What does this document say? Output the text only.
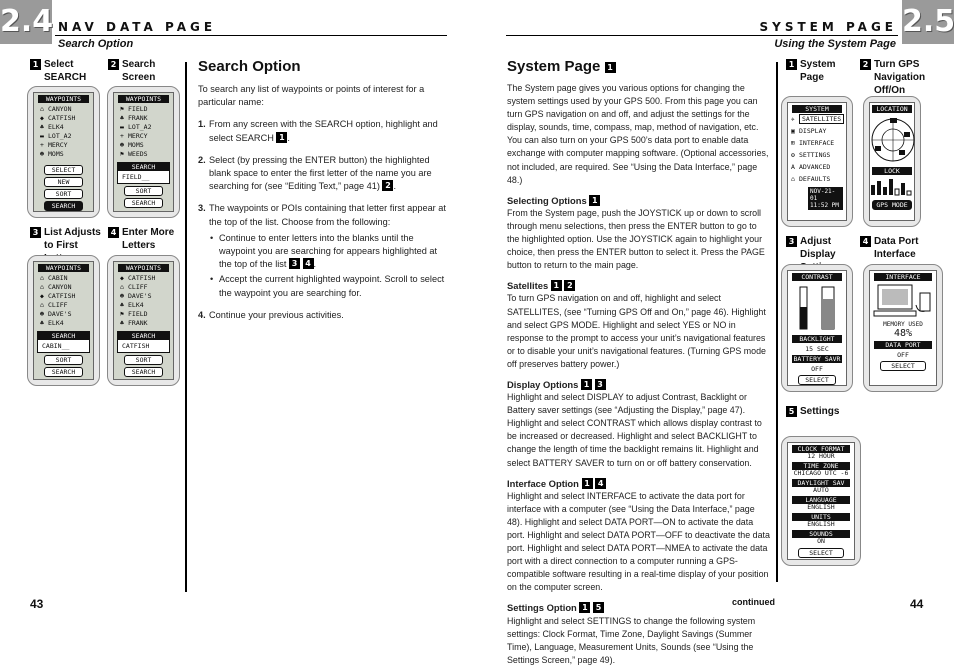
2.4 NAV DATA PAGE
Search Option
1 Select SEARCH
2 Search Screen
3 List Adjusts to First
4 Enter More Letters
WAYPOINTS
⌂ CANYON
◆ CATFISH
♣ ELK4
▬ LOT_A2
+ MERCY
☻ MOMS
SELECT
NEW
SORT
SEARCH
WAYPOINTS
⚑ FIELD
♣ FRANK
▬ LOT_A2
+ MERCY
☻ MOMS
⚑ WEEDS
SEARCH
FIELD__
SORT
SEARCH
WAYPOINTS
⌂ CABIN
⌂ CANYON
◆ CATFISH
⌂ CLIFF
☻ DAVE'S
♣ ELK4
SEARCH
CABIN__
SORT
SEARCH
WAYPOINTS
◆ CATFISH
⌂ CLIFF
☻ DAVE'S
♣ ELK4
⚑ FIELD
♣ FRANK
SEARCH
CATFISH
SORT
SEARCH
Search Option
To search any list of waypoints or points of interest for a particular name:
1. From any screen with the SEARCH option, highlight and select SEARCH 1 .
2. Select (by pressing the ENTER button) the highlighted blank space to enter the first letter of the name you are searching for (see “Editing Text,” page 41) 2 .
3. The waypoints or POIs containing that letter first appear at the top of the list. Choose from the following:
• Continue to enter letters into the blanks until the waypoint you are searching for appears highlighted at the top of the list 3 4 .
• Accept the current highlighted waypoint. Scroll to select the waypoint you are searching for.
4. Continue your previous activities.
43
2.5
SYSTEM PAGE
Using the System Page
System Page 1
The System page gives you various options for changing the system settings used by your GPS 500. From this page you can turn GPS navigation on and off, and adjust the settings for the display, sounds, time, compass, map, method of navigation, etc. You can also turn on your GPS 500’s data port to enable data exchange with computer mapping software. (Optional accessories, not included, are required. See “Using the Data Interface,” page 48.)
Selecting Options 1
From the System page, push the JOYSTICK up or down to scroll through menu selections, then press the ENTER button to go to the highlighted option. Use the JOYSTICK again to highlight your choice, then press the ENTER button to select it. Press the PAGE button to return to the main page.
Satellites 1 2
To turn GPS navigation on and off, highlight and select SATELLITES, (see “Turning GPS Off and On,” page 46). Highlight and select GPS MODE. Highlight and select YES or NO in response to the prompt to access your unit’s navigational features or to disable your unit’s navigational features. (Turning GPS mode off preserves battery power.)
Display Options 1 3
Highlight and select DISPLAY to adjust Contrast, Backlight or Battery saver settings (see “Adjusting the Display,” page 47). Highlight and select CONTRAST which allows display contrast to be increased or decreased. Highlight and select BACKLIGHT to change the length of time the backlight remains lit. Highlight and select BATTERY SAVER to turn on or off battery conservation.
Interface Option 1 4
Highlight and select INTERFACE to activate the data port for interface with a computer (see “Using the Data Interface,” page 48). Highlight and select DATA PORT—ON to activate the data port. Highlight and select DATA PORT—OFF to deactivate the data port. Highlight and select DATA PORT—NMEA to activate the data port with a direct connection to a computer running a GPS-compatible software resulting in a real-time display of your position on the computer screen.
Settings Option 1 5
Highlight and select SETTINGS to change the following system settings: Clock Format, Time Zone, Daylight Savings (Summer Time), Language, Measurement Units, Sounds (see “Using the Settings Screen,” page 49).
1 System Page
2 Turn GPS Navigation Off/On
3 Adjust Display
4 Data Port Interface
5 Settings
SYSTEM
✈ SATELLITES
▣ DISPLAY
⊞ INTERFACE
⚙ SETTINGS
A ADVANCED
⌂ DEFAULTS
NOV-21-01
11:52 PM
LOCATION
LOCK
GPS MODE
CONTRAST
BACKLIGHT
15 SEC
BATTERY SAVR
OFF
SELECT
INTERFACE
MEMORY USED
48%
DATA PORT
OFF
SELECT
CLOCK FORMAT
12 HOUR
TIME ZONE
CHICAGO UTC -6
DAYLIGHT SAV
AUTO
LANGUAGE
ENGLISH
UNITS
ENGLISH
SOUNDS
ON
SELECT
continued	44
